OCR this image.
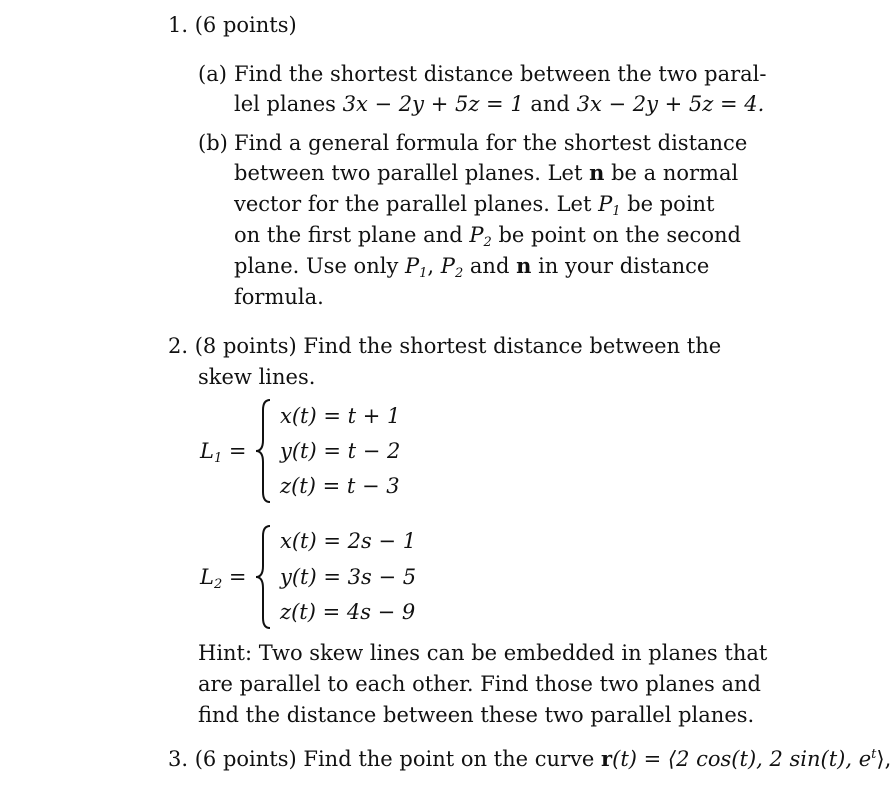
1. (6 points)
(a) Find the shortest distance between the two paral-
lel planes 3x − 2y + 5z = 1 and 3x − 2y + 5z = 4.
(b) Find a general formula for the shortest distance
between two parallel planes. Let n be a normal
vector for the parallel planes. Let $P_1$ be point
on the first plane and $P_2$ be point on the second
plane. Use only $P_1$, $P_2$ and n in your distance
formula.
2. (8 points) Find the shortest distance between the
skew lines.
$L_1$ =
x(t) = t + 1
y(t) = t − 2
z(t) = t − 3
$L_2$ =
x(t) = 2s − 1
y(t) = 3s − 5
z(t) = 4s − 9
Hint: Two skew lines can be embedded in planes that
are parallel to each other. Find those two planes and
find the distance between these two parallel planes.
3. (6 points) Find the point on the curve r(t) = ⟨2 cos(t), 2 sin(t), $e^t⟩$,
